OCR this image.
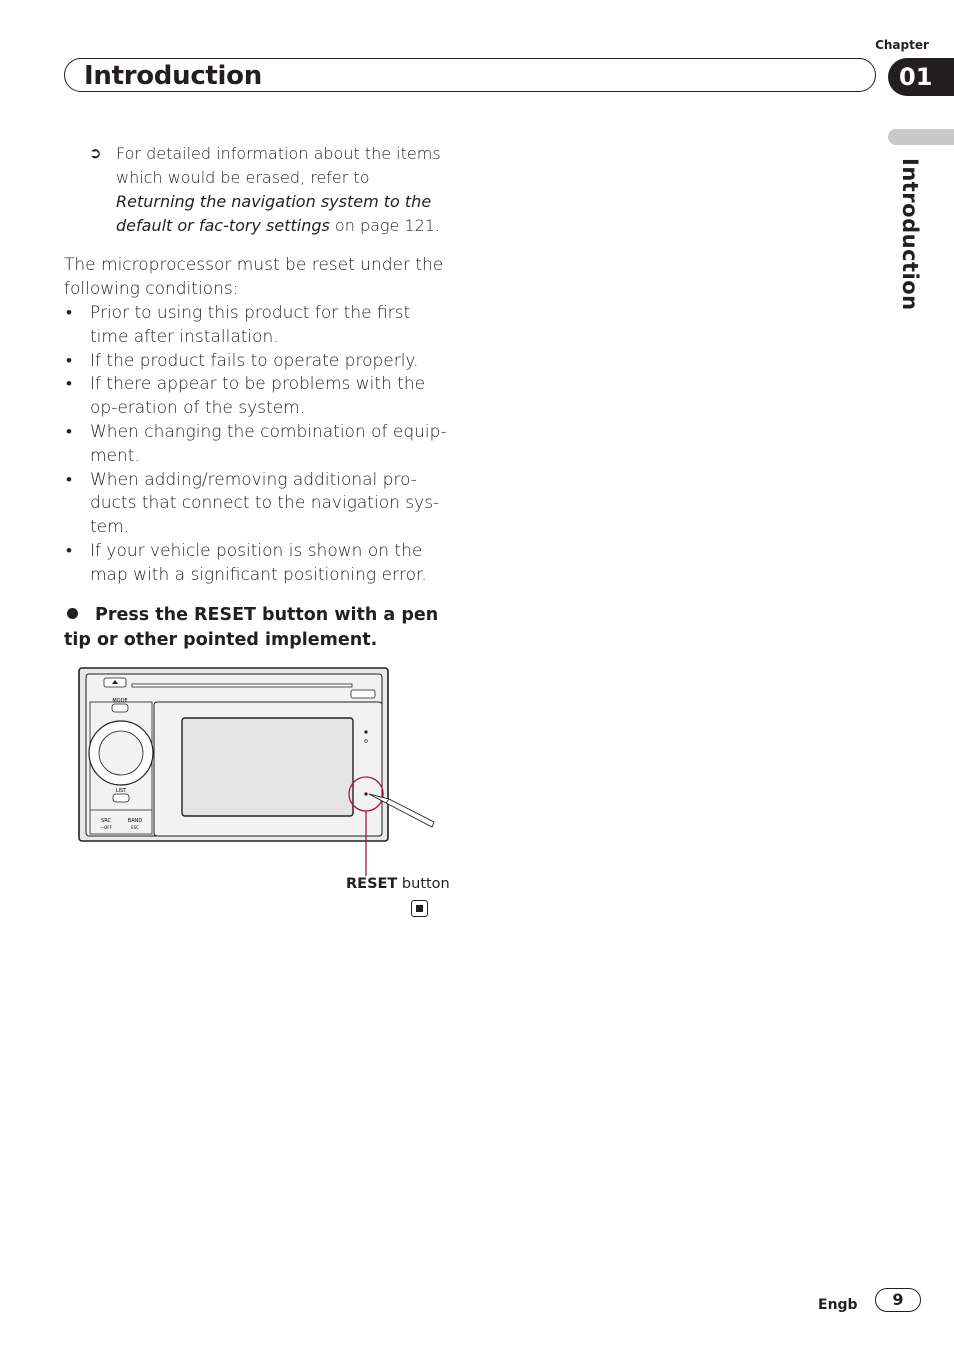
Chapter
Introduction	01
Introduction
➲ For detailed information about the items which would be erased, refer to Returning the navigation system to the default or fac-tory settings on page 121.
The microprocessor must be reset under the following conditions:
• Prior to using this product for the first time after installation.
• If the product fails to operate properly.
• If there appear to be problems with the op-eration of the system.
• When changing the combination of equip-ment.
• When adding/removing additional pro-ducts that connect to the navigation sys-tem.
• If your vehicle position is shown on the map with a significant positioning error.
Press the RESET button with a pen tip or other pointed implement.
MODE
LIST
SRC
—OFF
BAND
ESC
RESET button
Engb	9
